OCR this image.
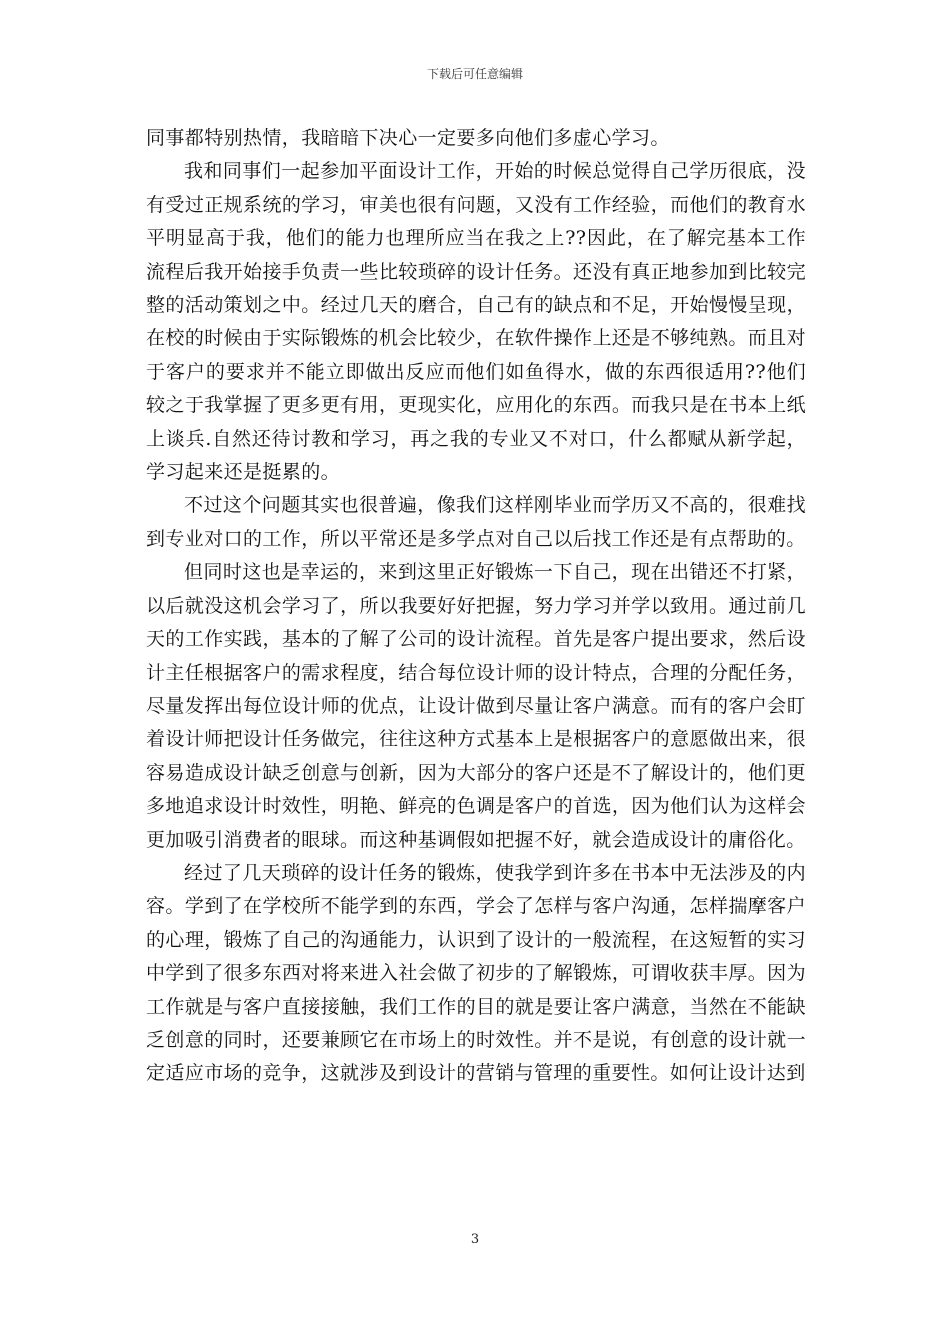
下载后可任意编辑

同事都特别热情，我暗暗下决心一定要多向他们多虚心学习。

我和同事们一起参加平面设计工作，开始的时候总觉得自己学历很底，没有受过正规系统的学习，审美也很有问题，又没有工作经验，而他们的教育水平明显高于我，他们的能力也理所应当在我之上??因此，在了解完基本工作流程后我开始接手负责一些比较琐碎的设计任务。还没有真正地参加到比较完整的活动策划之中。经过几天的磨合，自己有的缺点和不足，开始慢慢呈现，在校的时候由于实际锻炼的机会比较少，在软件操作上还是不够纯熟。而且对于客户的要求并不能立即做出反应而他们如鱼得水，做的东西很适用??他们较之于我掌握了更多更有用，更现实化，应用化的东西。而我只是在书本上纸上谈兵.自然还待讨教和学习，再之我的专业又不对口，什么都赋从新学起，学习起来还是挺累的。

不过这个问题其实也很普遍，像我们这样刚毕业而学历又不高的，很难找到专业对口的工作，所以平常还是多学点对自己以后找工作还是有点帮助的。

但同时这也是幸运的，来到这里正好锻炼一下自己，现在出错还不打紧，以后就没这机会学习了，所以我要好好把握，努力学习并学以致用。通过前几天的工作实践，基本的了解了公司的设计流程。首先是客户提出要求，然后设计主任根据客户的需求程度，结合每位设计师的设计特点，合理的分配任务，尽量发挥出每位设计师的优点，让设计做到尽量让客户满意。而有的客户会盯着设计师把设计任务做完，往往这种方式基本上是根据客户的意愿做出来，很容易造成设计缺乏创意与创新，因为大部分的客户还是不了解设计的，他们更多地追求设计时效性，明艳、鲜亮的色调是客户的首选，因为他们认为这样会更加吸引消费者的眼球。而这种基调假如把握不好，就会造成设计的庸俗化。

经过了几天琐碎的设计任务的锻炼，使我学到许多在书本中无法涉及的内容。学到了在学校所不能学到的东西，学会了怎样与客户沟通，怎样揣摩客户的心理，锻炼了自己的沟通能力，认识到了设计的一般流程，在这短暂的实习中学到了很多东西对将来进入社会做了初步的了解锻炼，可谓收获丰厚。因为工作就是与客户直接接触，我们工作的目的就是要让客户满意，当然在不能缺乏创意的同时，还要兼顾它在市场上的时效性。并不是说，有创意的设计就一定适应市场的竞争，这就涉及到设计的营销与管理的重要性。如何让设计达到

3
